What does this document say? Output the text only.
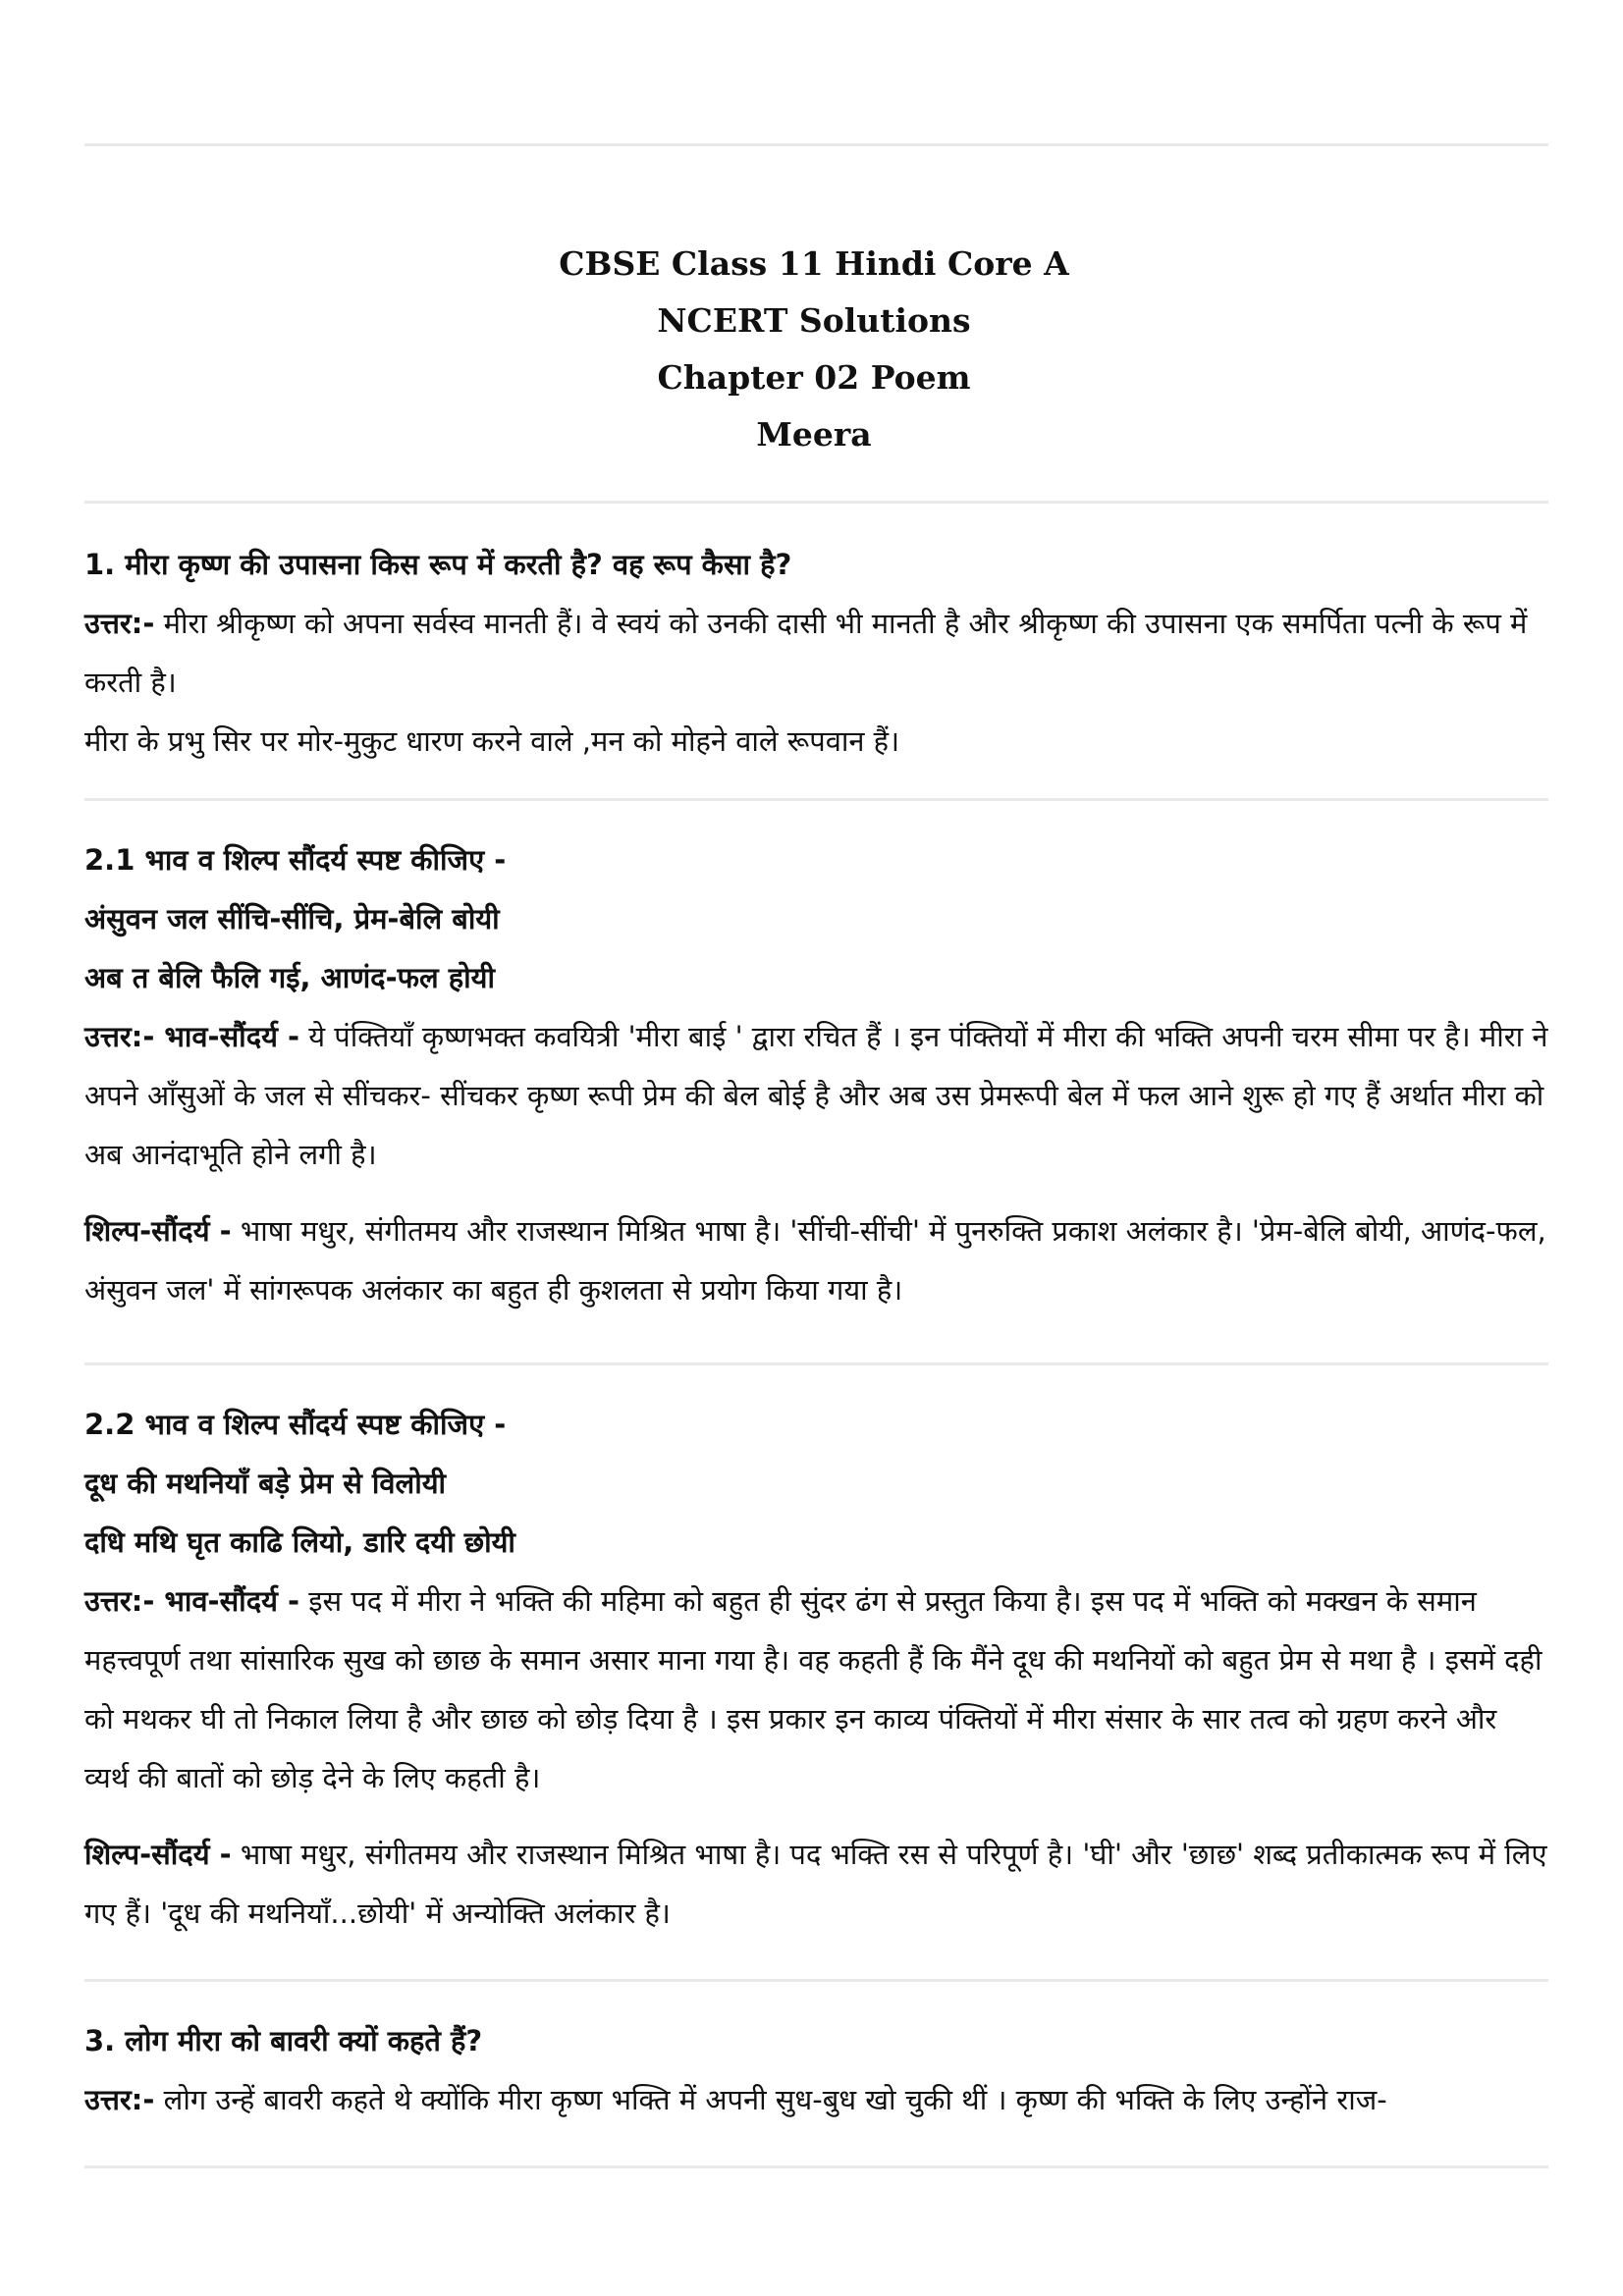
CBSE Class 11 Hindi Core A
NCERT Solutions
Chapter 02 Poem
Meera
1. मीरा कृष्ण की उपासना किस रूप में करती है? वह रूप कैसा है?

उत्तर:- मीरा श्रीकृष्ण को अपना सर्वस्व मानती हैं। वे स्वयं को उनकी दासी भी मानती है और श्रीकृष्ण की उपासना एक समर्पिता पत्नी के रूप में करती है।

मीरा के प्रभु सिर पर मोर-मुकुट धारण करने वाले ,मन को मोहने वाले रूपवान हैं।

2.1 भाव व शिल्प सौंदर्य स्पष्ट कीजिए -
अंसुवन जल सींचि-सींचि, प्रेम-बेलि बोयी
अब त बेलि फैलि गई, आणंद-फल होयी

उत्तर:- भाव-सौंदर्य - ये पंक्तियाँ कृष्णभक्त कवयित्री 'मीरा बाई ' द्वारा रचित हैं । इन पंक्तियों में मीरा की भक्ति अपनी चरम सीमा पर है। मीरा ने अपने आँसुओं के जल से सींचकर- सींचकर कृष्ण रूपी प्रेम की बेल बोई है और अब उस प्रेमरूपी बेल में फल आने शुरू हो गए हैं अर्थात मीरा को अब आनंदाभूति होने लगी है।

शिल्प-सौंदर्य - भाषा मधुर, संगीतमय और राजस्थान मिश्रित भाषा है। 'सींची-सींची' में पुनरुक्ति प्रकाश अलंकार है। 'प्रेम-बेलि बोयी, आणंद-फल, अंसुवन जल' में सांगरूपक अलंकार का बहुत ही कुशलता से प्रयोग किया गया है।

2.2 भाव व शिल्प सौंदर्य स्पष्ट कीजिए -
दूध की मथनियाँ बड़े प्रेम से विलोयी
दधि मथि घृत काढि लियो, डारि दयी छोयी

उत्तर:- भाव-सौंदर्य - इस पद में मीरा ने भक्ति की महिमा को बहुत ही सुंदर ढंग से प्रस्तुत किया है। इस पद में भक्ति को मक्खन के समान महत्त्वपूर्ण तथा सांसारिक सुख को छाछ के समान असार माना गया है। वह कहती हैं कि मैंने दूध की मथनियों को बहुत प्रेम से मथा है । इसमें दही को मथकर घी तो निकाल लिया है और छाछ को छोड़ दिया है । इस प्रकार इन काव्य पंक्तियों में मीरा संसार के सार तत्व को ग्रहण करने और व्यर्थ की बातों को छोड़ देने के लिए कहती है।

शिल्प-सौंदर्य - भाषा मधुर, संगीतमय और राजस्थान मिश्रित भाषा है। पद भक्ति रस से परिपूर्ण है। 'घी' और 'छाछ' शब्द प्रतीकात्मक रूप में लिए गए हैं। 'दूध की मथनियाँ...छोयी' में अन्योक्ति अलंकार है।

3. लोग मीरा को बावरी क्यों कहते हैं?

उत्तर:- लोग उन्हें बावरी कहते थे क्योंकि मीरा कृष्ण भक्ति में अपनी सुध-बुध खो चुकी थीं । कृष्ण की भक्ति के लिए उन्होंने राज-
